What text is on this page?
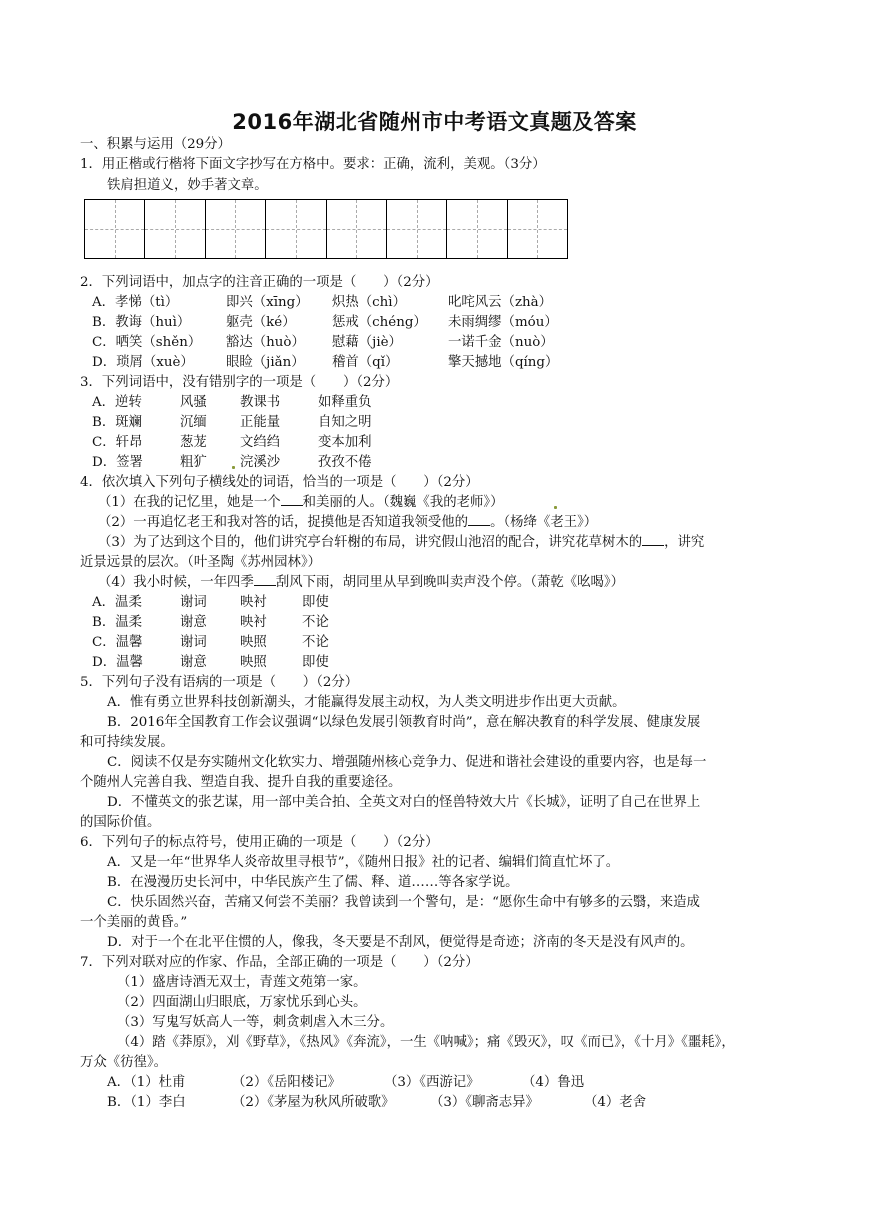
2016年湖北省随州市中考语文真题及答案
一、积累与运用（29分）
1．用正楷或行楷将下面文字抄写在方格中。要求：正确，流利，美观。（3分）
铁肩担道义，妙手著文章。
2．下列词语中，加点字的注音正确的一项是（　　）（2分）
A．孝悌（tì）	即兴（xīng） 炽热（chì）	叱咤风云（zhà）
B．教诲（huì）	躯壳（ké）	惩戒（chéng） 未雨绸缪（móu）
C．哂笑（shěn） 豁达（huò） 慰藉（jiè）	一诺千金（nuò）
D．琐屑（xuè） 眼睑（jiǎn） 稽首（qǐ）	擎天撼地（qíng）
3．下列词语中，没有错别字的一项是（　　）（2分）
A．逆转	风骚 教课书	如释重负
B．斑斓	沉缅 正能量	自知之明
C．轩昂	葱茏 文绉绉	变本加利
D．签署	粗犷 浣溪沙	孜孜不倦
4．依次填入下列句子横线处的词语，恰当的一项是（　　）（2分）
（1）在我的记忆里，她是一个 和美丽的人。（魏巍《我的老师》）
（2）一再追忆老王和我对答的话，捉摸他是否知道我领受他的 。（杨绛《老王》）
（3）为了达到这个目的，他们讲究亭台轩榭的布局，讲究假山池沼的配合，讲究花草树木的 ，讲究
近景远景的层次。（叶圣陶《苏州园林》）
（4）我小时候，一年四季 刮风下雨，胡同里从早到晚叫卖声没个停。（萧乾《吆喝》）
A．温柔	谢词 映衬	即使
B．温柔	谢意 映衬	不论
C．温馨	谢词 映照	不论
D．温馨	谢意 映照	即使
5．下列句子没有语病的一项是（　　）（2分）
A．惟有勇立世界科技创新潮头，才能赢得发展主动权，为人类文明进步作出更大贡献。
B．2016年全国教育工作会议强调“以绿色发展引领教育时尚”，意在解决教育的科学发展、健康发展
和可持续发展。
C．阅读不仅是夯实随州文化软实力、增强随州核心竞争力、促进和谐社会建设的重要内容，也是每一
个随州人完善自我、塑造自我、提升自我的重要途径。
D．不懂英文的张艺谋，用一部中美合拍、全英文对白的怪兽特效大片《长城》，证明了自己在世界上
的国际价值。
6．下列句子的标点符号，使用正确的一项是（　　）（2分）
A．又是一年“世界华人炎帝故里寻根节”，《随州日报》社的记者、编辑们简直忙坏了。
B．在漫漫历史长河中，中华民族产生了儒、释、道……等各家学说。
C．快乐固然兴奋，苦痛又何尝不美丽？我曾读到一个警句，是：“愿你生命中有够多的云翳，来造成
一个美丽的黄昏。”
D．对于一个在北平住惯的人，像我，冬天要是不刮风，便觉得是奇迹；济南的冬天是没有风声的。
7．下列对联对应的作家、作品，全部正确的一项是（　　）（2分）
（1）盛唐诗酒无双士，青莲文苑第一家。
（2）四面湖山归眼底，万家忧乐到心头。
（3）写鬼写妖高人一等，刺贪刺虐入木三分。
（4）踏《莽原》，刈《野草》，《热风》《奔流》，一生《呐喊》；痛《毁灭》，叹《而已》，《十月》《噩耗》，
万众《彷徨》。
A．（1）杜甫	（2）《岳阳楼记》	（3）《西游记》	（4）鲁迅
B．（1）李白	（2）《茅屋为秋风所破歌》	（3）《聊斋志异》	（4）老舍
